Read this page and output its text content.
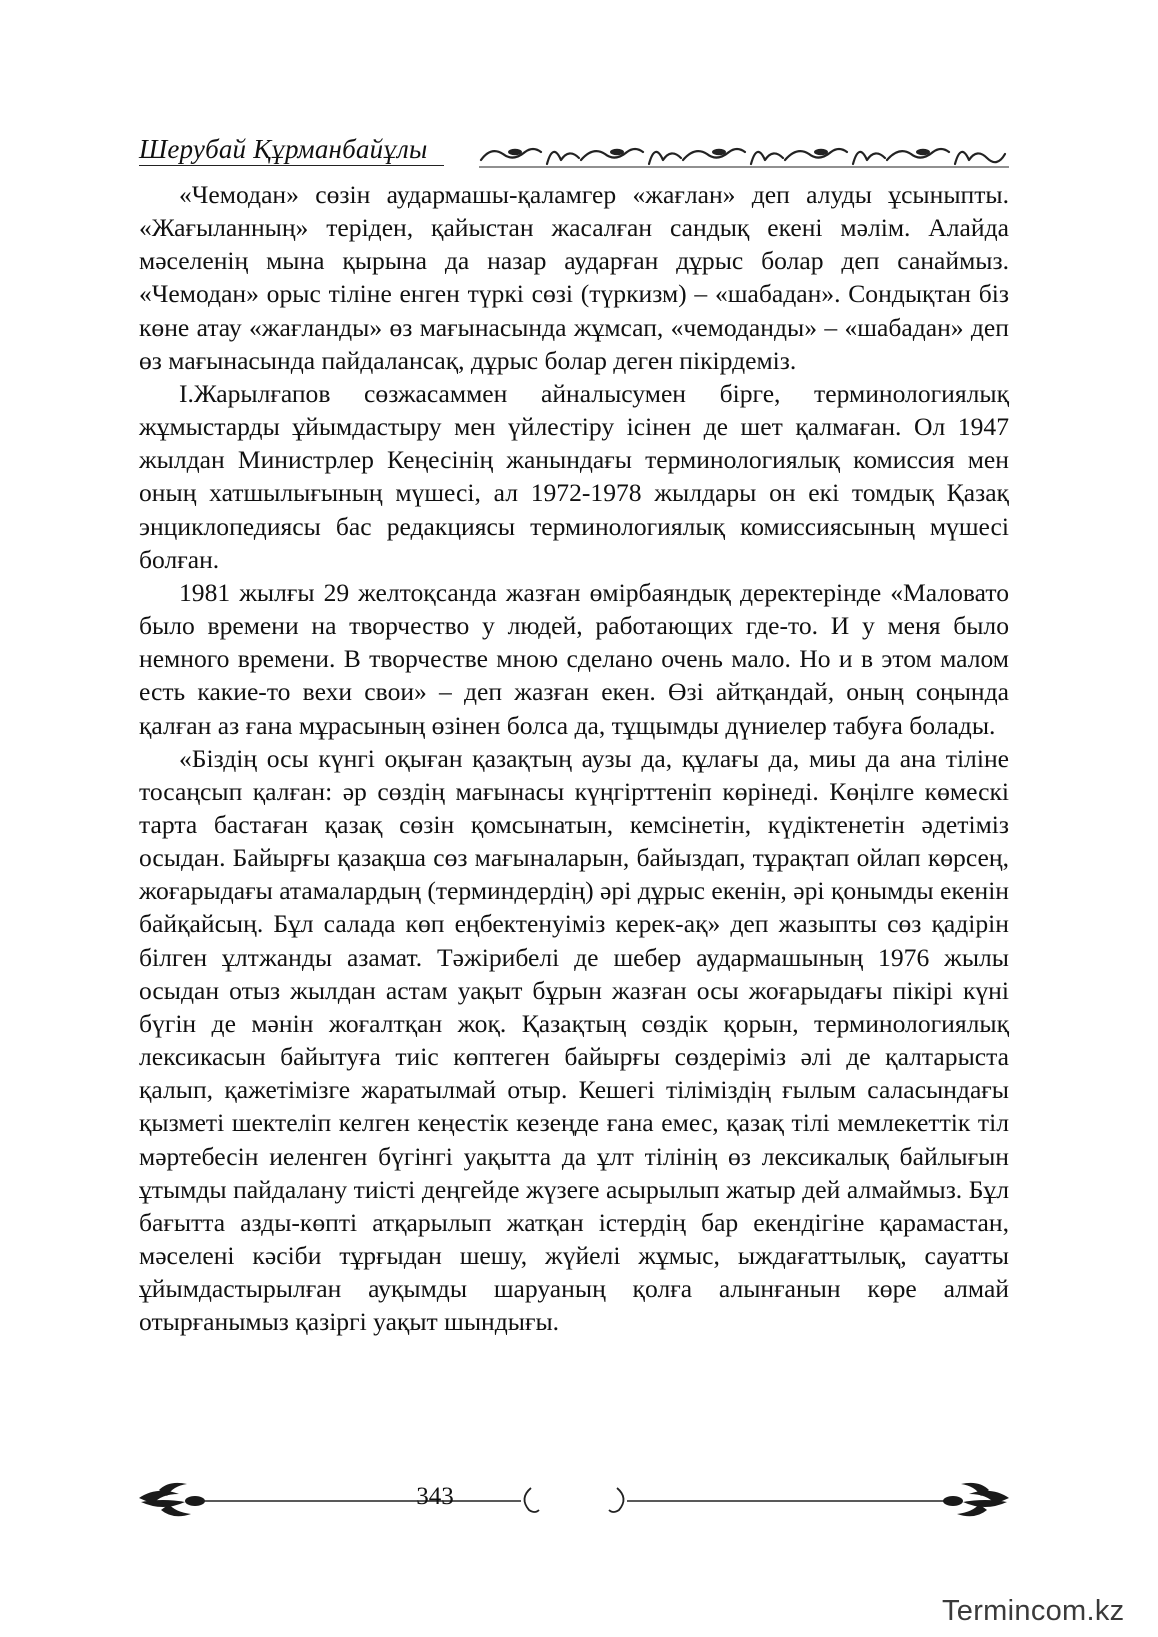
Шерубай Құрманбайұлы

«Чемодан» сөзін аудармашы-қаламгер «жағлан» деп алуды ұсыныпты. «Жағыланның» теріден, қайыстан жасалған сандық екені мәлім. Алайда мәселенің мына қырына да назар аударған дұрыс болар деп санаймыз. «Чемодан» орыс тіліне енген түркі сөзі (түркизм) – «шабадан». Сондықтан біз көне атау «жағланды» өз мағынасында жұмсап, «чемоданды» – «шабадан» деп өз мағынасында пайдалансақ, дұрыс болар деген пікірдеміз.

І.Жарылғапов сөзжасаммен айналысумен бірге, терминологиялық жұмыстарды ұйымдастыру мен үйлестіру ісінен де шет қалмаған. Ол 1947 жылдан Министрлер Кеңесінің жанындағы терминологиялық комиссия мен оның хатшылығының мүшесі, ал 1972-1978 жылдары он екі томдық Қазақ энциклопедиясы бас редакциясы терминологиялық комиссиясының мүшесі болған.

1981 жылғы 29 желтоқсанда жазған өмірбаяндық деректерінде «Маловато было времени на творчество у людей, работающих где-то. И у меня было немного времени. В творчестве мною сделано очень мало. Но и в этом малом есть какие-то вехи свои» – деп жазған екен. Өзі айтқандай, оның соңында қалған аз ғана мұрасының өзінен болса да, тұщымды дүниелер табуға болады.

«Біздің осы күнгі оқыған қазақтың аузы да, құлағы да, миы да ана тіліне тосаңсып қалған: әр сөздің мағынасы күңгірттеніп көрінеді. Көңілге көмескі тарта бастаған қазақ сөзін қомсынатын, кемсінетін, күдіктенетін әдетіміз осыдан. Байырғы қазақша сөз мағыналарын, байыздап, тұрақтап ойлап көрсең, жоғарыдағы атамалардың (терминдердің) әрі дұрыс екенін, әрі қонымды екенін байқайсың. Бұл салада көп еңбектенуіміз керек-ақ» деп жазыпты сөз қадірін білген ұлтжанды азамат. Тәжірибелі де шебер аудармашының 1976 жылы осыдан отыз жылдан астам уақыт бұрын жазған осы жоғарыдағы пікірі күні бүгін де мәнін жоғалтқан жоқ. Қазақтың сөздік қорын, терминологиялық лексикасын байытуға тиіс көптеген байырғы сөздеріміз әлі де қалтарыста қалып, қажетімізге жаратылмай отыр. Кешегі тіліміздің ғылым саласындағы қызметі шектеліп келген кеңестік кезеңде ғана емес, қазақ тілі мемлекеттік тіл мәртебесін иеленген бүгінгі уақытта да ұлт тілінің өз лексикалық байлығын ұтымды пайдалану тиісті деңгейде жүзеге асырылып жатыр дей алмаймыз. Бұл бағытта азды-көпті атқарылып жатқан істердің бар екендігіне қарамастан, мәселені кәсіби тұрғыдан шешу, жүйелі жұмыс, ыждағаттылық, сауатты ұйымдастырылған ауқымды шаруаның қолға алынғанын көре алмай отырғанымыз қазіргі уақыт шындығы.

343
Termincom.kz
